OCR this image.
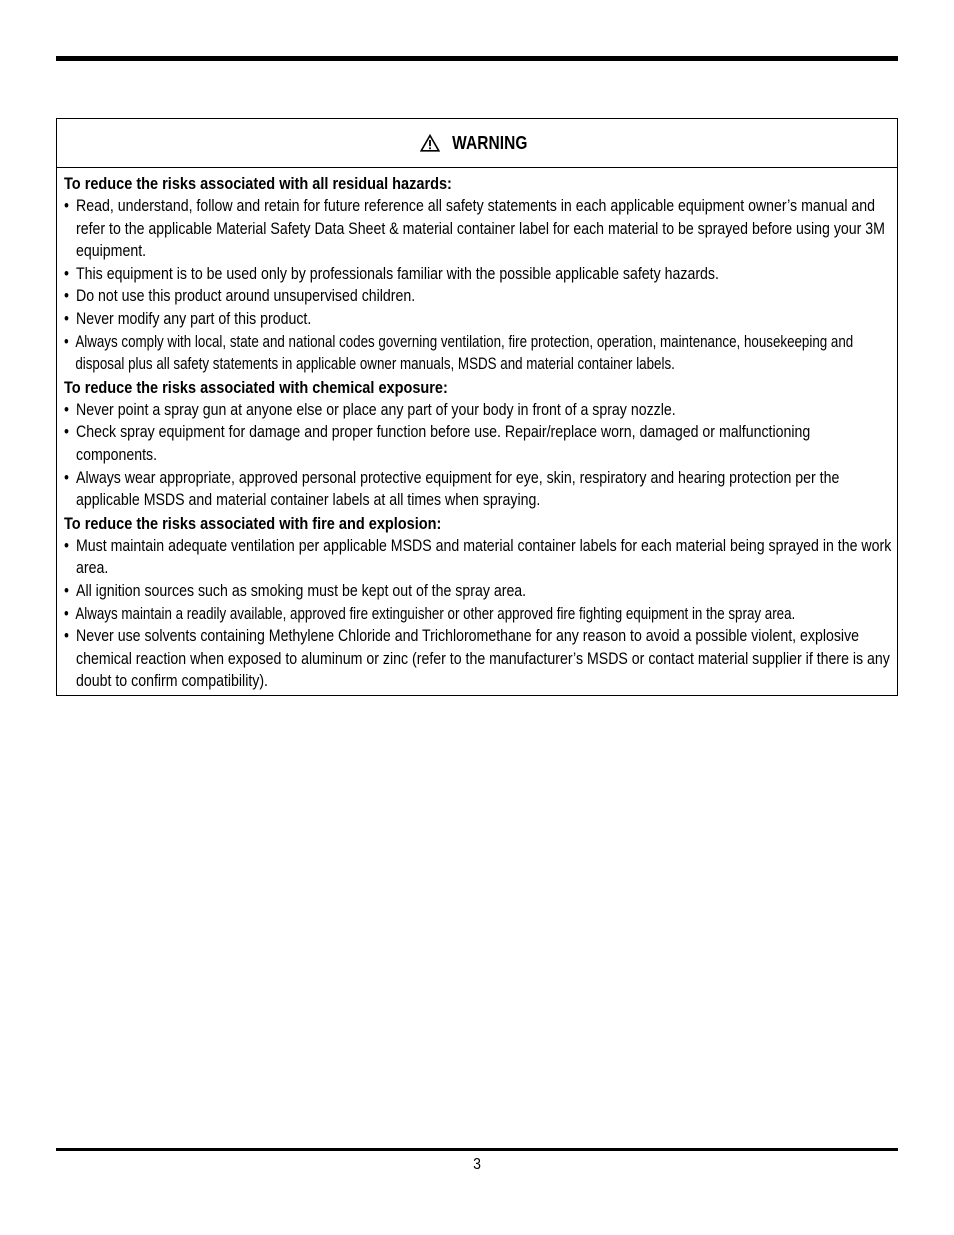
WARNING
To reduce the risks associated with all residual hazards:
• Read, understand, follow and retain for future reference all safety statements in each applicable equipment owner’s manual and refer to the applicable Material Safety Data Sheet & material container label for each material to be sprayed before using your 3M equipment.
• This equipment is to be used only by professionals familiar with the possible applicable safety hazards.
• Do not use this product around unsupervised children.
• Never modify any part of this product.
• Always comply with local, state and national codes governing ventilation, fire protection, operation, maintenance, housekeeping and disposal plus all safety statements in applicable owner manuals, MSDS and material container labels.
To reduce the risks associated with chemical exposure:
• Never point a spray gun at anyone else or place any part of your body in front of a spray nozzle.
• Check spray equipment for damage and proper function before use. Repair/replace worn, damaged or malfunctioning components.
• Always wear appropriate, approved personal protective equipment for eye, skin, respiratory and hearing protection per the applicable MSDS and material container labels at all times when spraying.
To reduce the risks associated with fire and explosion:
• Must maintain adequate ventilation per applicable MSDS and material container labels for each material being sprayed in the work area.
• All ignition sources such as smoking must be kept out of the spray area.
• Always maintain a readily available, approved fire extinguisher or other approved fire fighting equipment in the spray area.
• Never use solvents containing Methylene Chloride and Trichloromethane for any reason to avoid a possible violent, explosive chemical reaction when exposed to aluminum or zinc (refer to the manufacturer’s MSDS or contact material supplier if there is any doubt to confirm compatibility).
3
